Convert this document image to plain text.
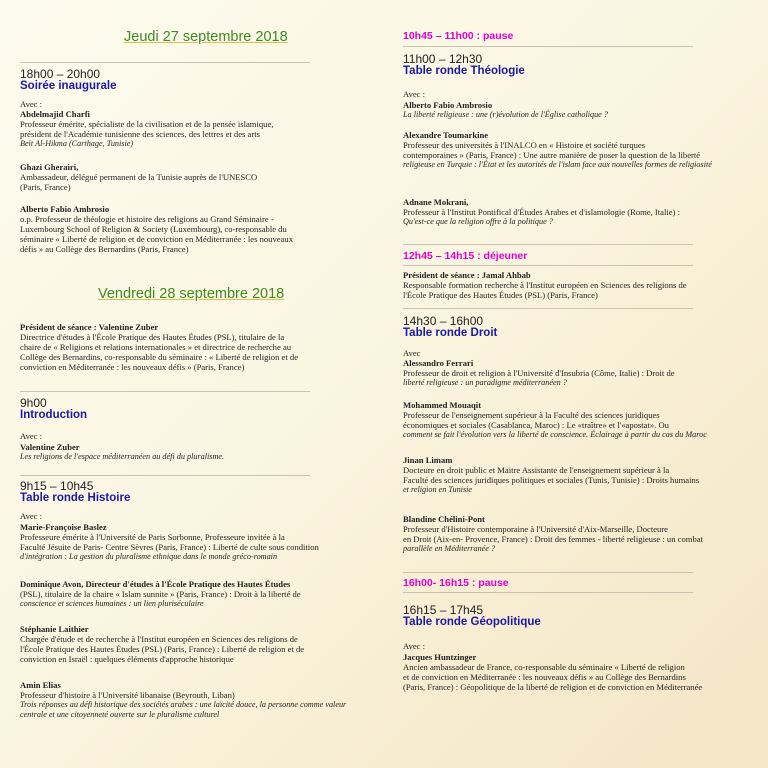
Jeudi 27 septembre 2018
18h00 – 20h00
Soirée inaugurale
Avec :
Abdelmajid Charfi
Professeur émérite, spécialiste de la civilisation et de la pensée islamique,
président de l'Académie tunisienne des sciences, des lettres et des arts
Beït Al-Hikma (Carthage, Tunisie)
Ghazi Gherairi,
Ambassadeur, délégué permanent de la Tunisie auprès de l'UNESCO
(Paris, France)
Alberto Fabio Ambrosio
o.p. Professeur de théologie et histoire des religions au Grand Séminaire -
Luxembourg School of Religion & Society (Luxembourg), co-responsable du
séminaire « Liberté de religion et de conviction en Méditerranée : les nouveaux
défis » au Collège des Bernardins (Paris, France)
Vendredi 28 septembre 2018
Président de séance : Valentine Zuber
Directrice d'études à l'École Pratique des Hautes Études (PSL), titulaire de la
chaire de « Religions et relations internationales » et directrice de recherche au
Collège des Bernardins, co-responsable du séminaire : « Liberté de religion et de
conviction en Méditerranée : les nouveaux défis » (Paris, France)
9h00
Introduction
Avec :
Valentine Zuber
Les religions de l'espace méditerranéen au défi du pluralisme.
9h15 – 10h45
Table ronde Histoire
Avec :
Marie-Françoise Baslez
Professeure émérite à l'Université de Paris Sorbonne, Professeure invitée à la
Faculté Jésuite de Paris- Centre Sèvres (Paris, France) : Liberté de culte sous condition
d'intégration : La gestion du pluralisme ethnique dans le monde gréco-romain
Dominique Avon, Directeur d'études à l'École Pratique des Hautes Études
(PSL), titulaire de la chaire « Islam sunnite » (Paris, France) : Droit à la liberté de
conscience et sciences humaines : un lien pluriséculaire
Stéphanie Laithier
Chargée d'étude et de recherche à l'Institut européen en Sciences des religions de
l'École Pratique des Hautes Études (PSL) (Paris, France) : Liberté de religion et de
conviction en Israël : quelques éléments d'approche historique
Amin Elias
Professeur d'histoire à l'Université libanaise (Beyrouth, Liban)
Trois réponses au défi historique des sociétés arabes : une laïcité douce, la personne comme valeur
centrale et une citoyenneté ouverte sur le pluralisme culturel
10h45 – 11h00 : pause
11h00 – 12h30
Table ronde Théologie
Avec :
Alberto Fabio Ambrosio
La liberté religieuse : une (r)évolution de l'Église catholique ?
Alexandre Toumarkine
Professeur des universités à l'INALCO en « Histoire et société turques
contemporaines » (Paris, France) : Une autre manière de poser la question de la liberté
religieuse en Turquie : l'État et les autorités de l'islam face aux nouvelles formes de religiosité
Adnane Mokrani,
Professeur à l'Institut Pontifical d'Études Arabes et d'islamologie (Rome, Italie) :
Qu'est-ce que la religion offre à la politique ?
12h45 – 14h15 : déjeuner
Président de séance : Jamal Ahbab
Responsable formation recherche à l'Institut européen en Sciences des religions de
l'École Pratique des Hautes Études (PSL) (Paris, France)
14h30 – 16h00
Table ronde Droit
Avec
Alessandro Ferrari
Professeur de droit et religion à l'Université d'Insubria (Côme, Italie) : Droit de
liberté religieuse : un paradigme méditerranéen ?
Mohammed Mouaqit
Professeur de l'enseignement supérieur à la Faculté des sciences juridiques
économiques et sociales (Casablanca, Maroc) : Le «traître» et l'«apostat». Ou
comment se fait l'évolution vers la liberté de conscience. Éclairage à partir du cas du Maroc
Jinan Limam
Docteure en droit public et Maitre Assistante de l'enseignement supérieur à la
Faculté des sciences juridiques politiques et sociales (Tunis, Tunisie) : Droits humains
et religion en Tunisie
Blandine Chélini-Pont
Professeur d'Histoire contemporaine à l'Université d'Aix-Marseille, Docteure
en Droit (Aix-en- Provence, France) : Droit des femmes - liberté religieuse : un combat
parallèle en Méditerranée ?
16h00- 16h15 : pause
16h15 – 17h45
Table ronde Géopolitique
Avec :
Jacques Huntzinger
Ancien ambassadeur de France, co-responsable du séminaire « Liberté de religion
et de conviction en Méditerranée : les nouveaux défis » au Collège des Bernardins
(Paris, France) : Géopolitique de la liberté de religion et de conviction en Méditerranée
